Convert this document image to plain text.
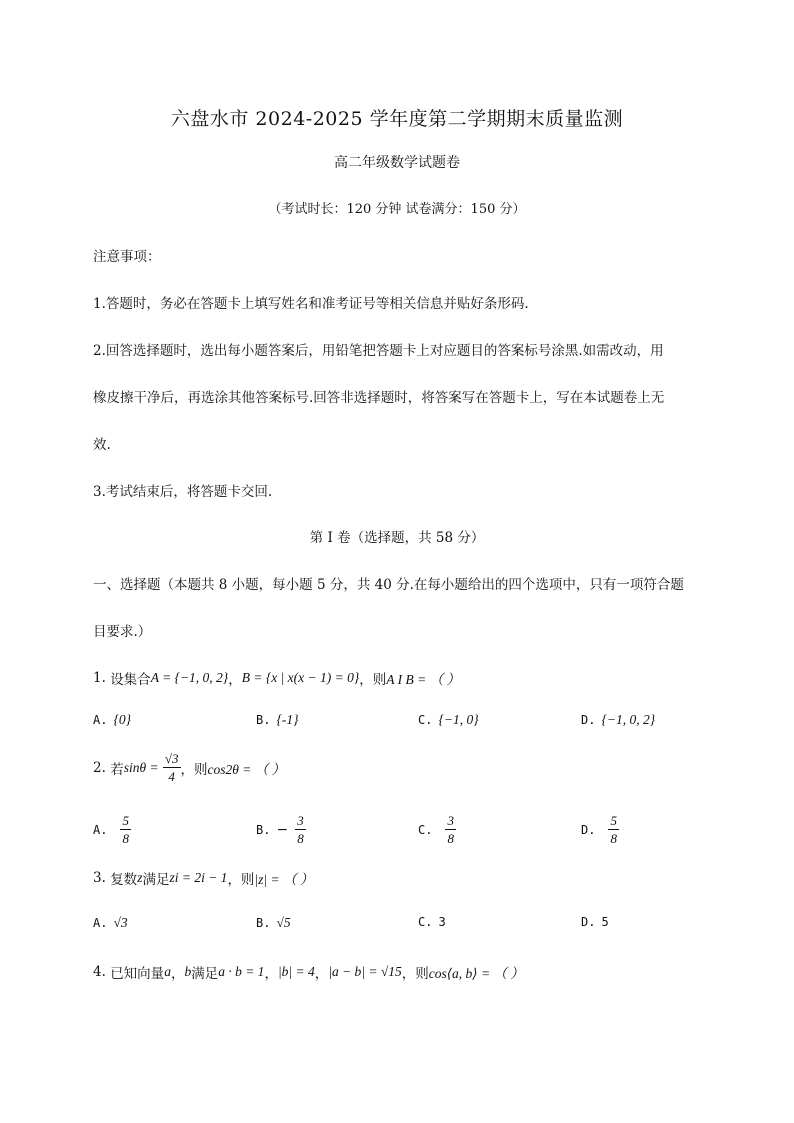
六盘水市 2024-2025 学年度第二学期期末质量监测
高二年级数学试题卷
（考试时长：120 分钟 试卷满分：150 分）
注意事项：
1.答题时，务必在答题卡上填写姓名和准考证号等相关信息并贴好条形码.
2.回答选择题时，选出每小题答案后，用铅笔把答题卡上对应题目的答案标号涂黑.如需改动，用
橡皮擦干净后，再选涂其他答案标号.回答非选择题时，将答案写在答题卡上，写在本试题卷上无
效.
3.考试结束后，将答题卡交回.
第 I 卷（选择题，共 58 分）
一、选择题（本题共 8 小题，每小题 5 分，共 40 分.在每小题给出的四个选项中，只有一项符合题
目要求.）
1.
设集合 A = {−1, 0, 2} ， B = {x | x(x − 1) = 0} ，则 A I B = （ ）
A. {0}	B. {-1}	C. {−1, 0}	D. {−1, 0, 2}
2.
若 sinθ =
$\frac{√3}{4}$ ，则 cos2θ = （ ）
A. $\frac{5}{8}$	B. − $\frac{3}{8}$	C. $\frac{3}{8}$	D. $\frac{5}{8}$
3.
复数 z 满足 zi = 2i − 1 ，则 |z| = （ ）
A. √3	B. √5	C. 3	D. 5
4.
已知向量 a ， b 满足 a · b = 1 ， |b| = 4 ， |a − b| = √15 ，则 cos⟨a, b⟩ = （ ）
